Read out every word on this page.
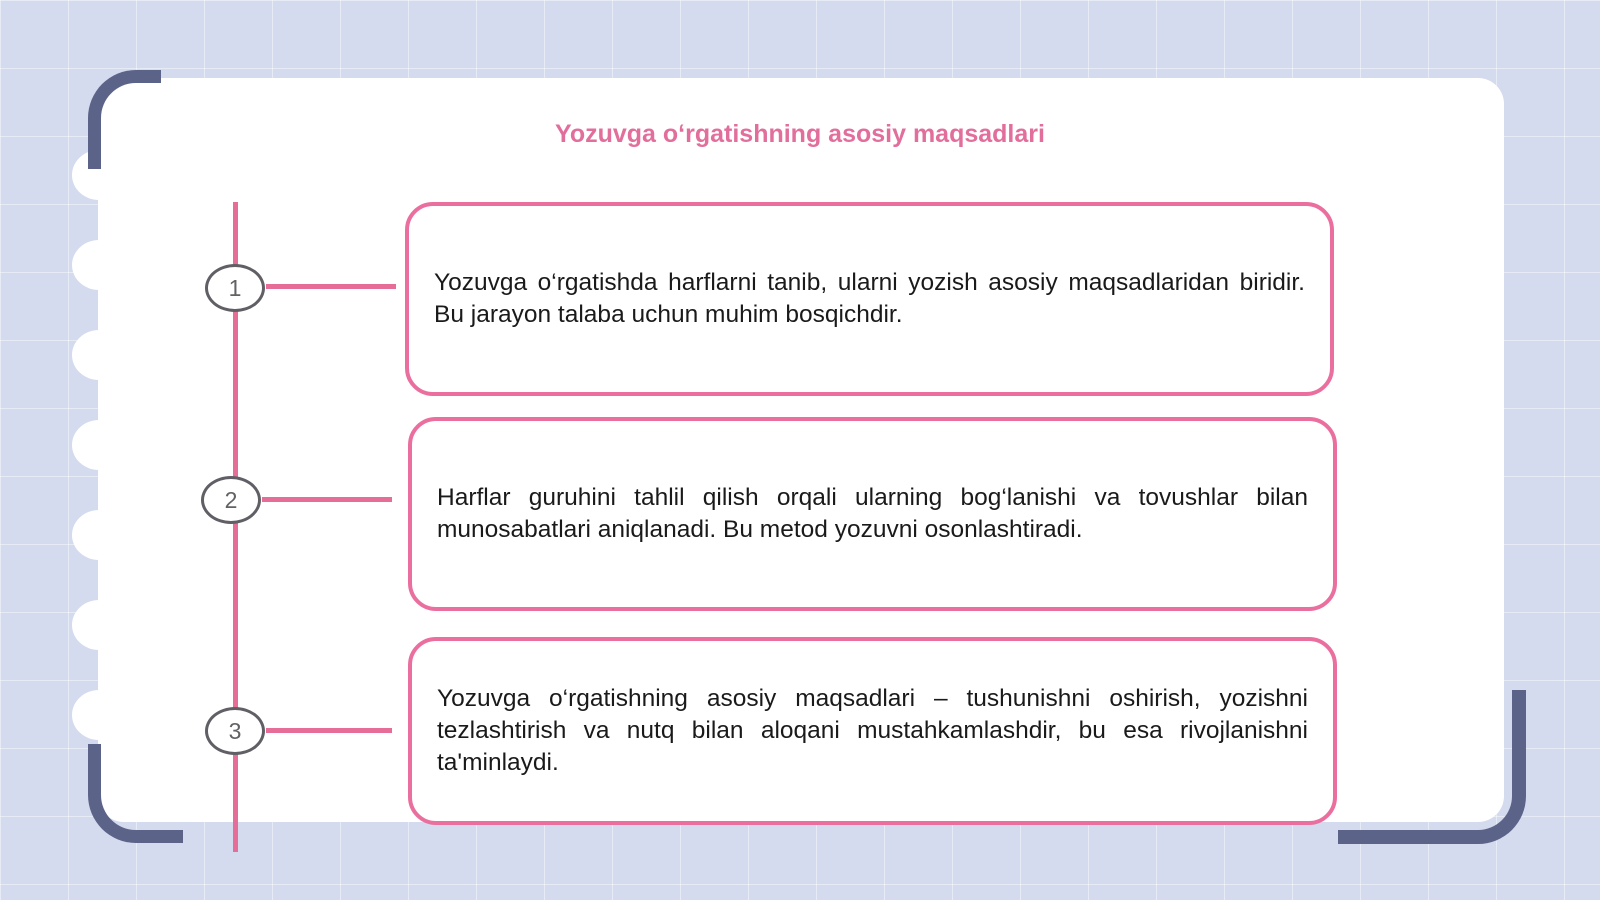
Yozuvga o‘rgatishning asosiy maqsadlari
1
2
3

Yozuvga o‘rgatishda harflarni tanib, ularni yozish asosiy maqsadlaridan biridir. Bu jarayon talaba uchun muhim bosqichdir.

Harflar guruhini tahlil qilish orqali ularning bog‘lanishi va tovushlar bilan munosabatlari aniqlanadi. Bu metod yozuvni osonlashtiradi.

Yozuvga o‘rgatishning asosiy maqsadlari – tushunishni oshirish, yozishni tezlashtirish va nutq bilan aloqani mustahkamlashdir, bu esa rivojlanishni ta'minlaydi.
